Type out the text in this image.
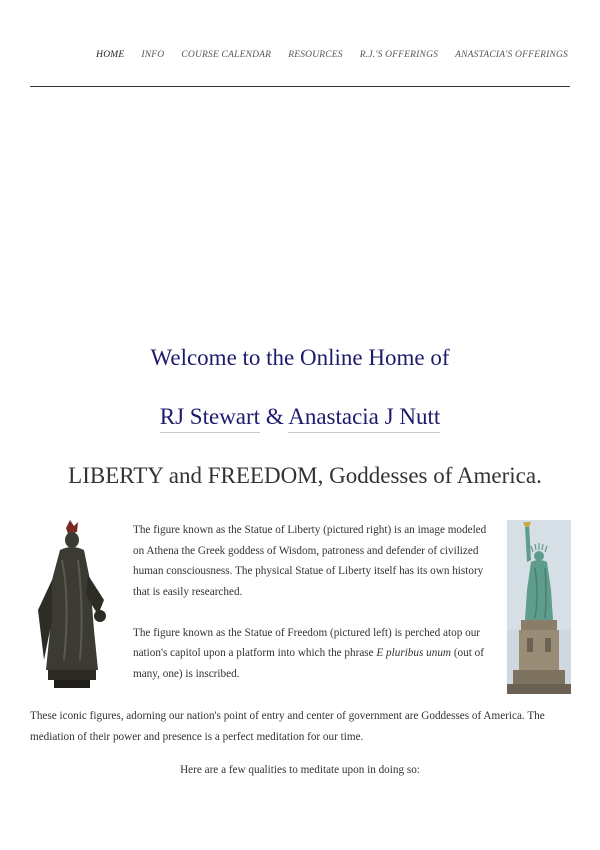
HOME INFO COURSE CALENDAR RESOURCES R.J.'S OFFERINGS ANASTACIA'S OFFERINGS
Welcome to the Online Home of
RJ Stewart & Anastacia J Nutt
LIBERTY and FREEDOM, Goddesses of America.

The figure known as the Statue of Liberty (pictured right) is an image modeled on Athena the Greek goddess of Wisdom, patroness and defender of civilized human consciousness. The physical Statue of Liberty itself has its own history that is easily researched.

The figure known as the Statue of Freedom (pictured left) is perched atop our nation's capitol upon a platform into which the phrase E pluribus unum (out of many, one) is inscribed.

These iconic figures, adorning our nation's point of entry and center of government are Goddesses of America. The mediation of their power and presence is a perfect meditation for our time.
Here are a few qualities to meditate upon in doing so:
